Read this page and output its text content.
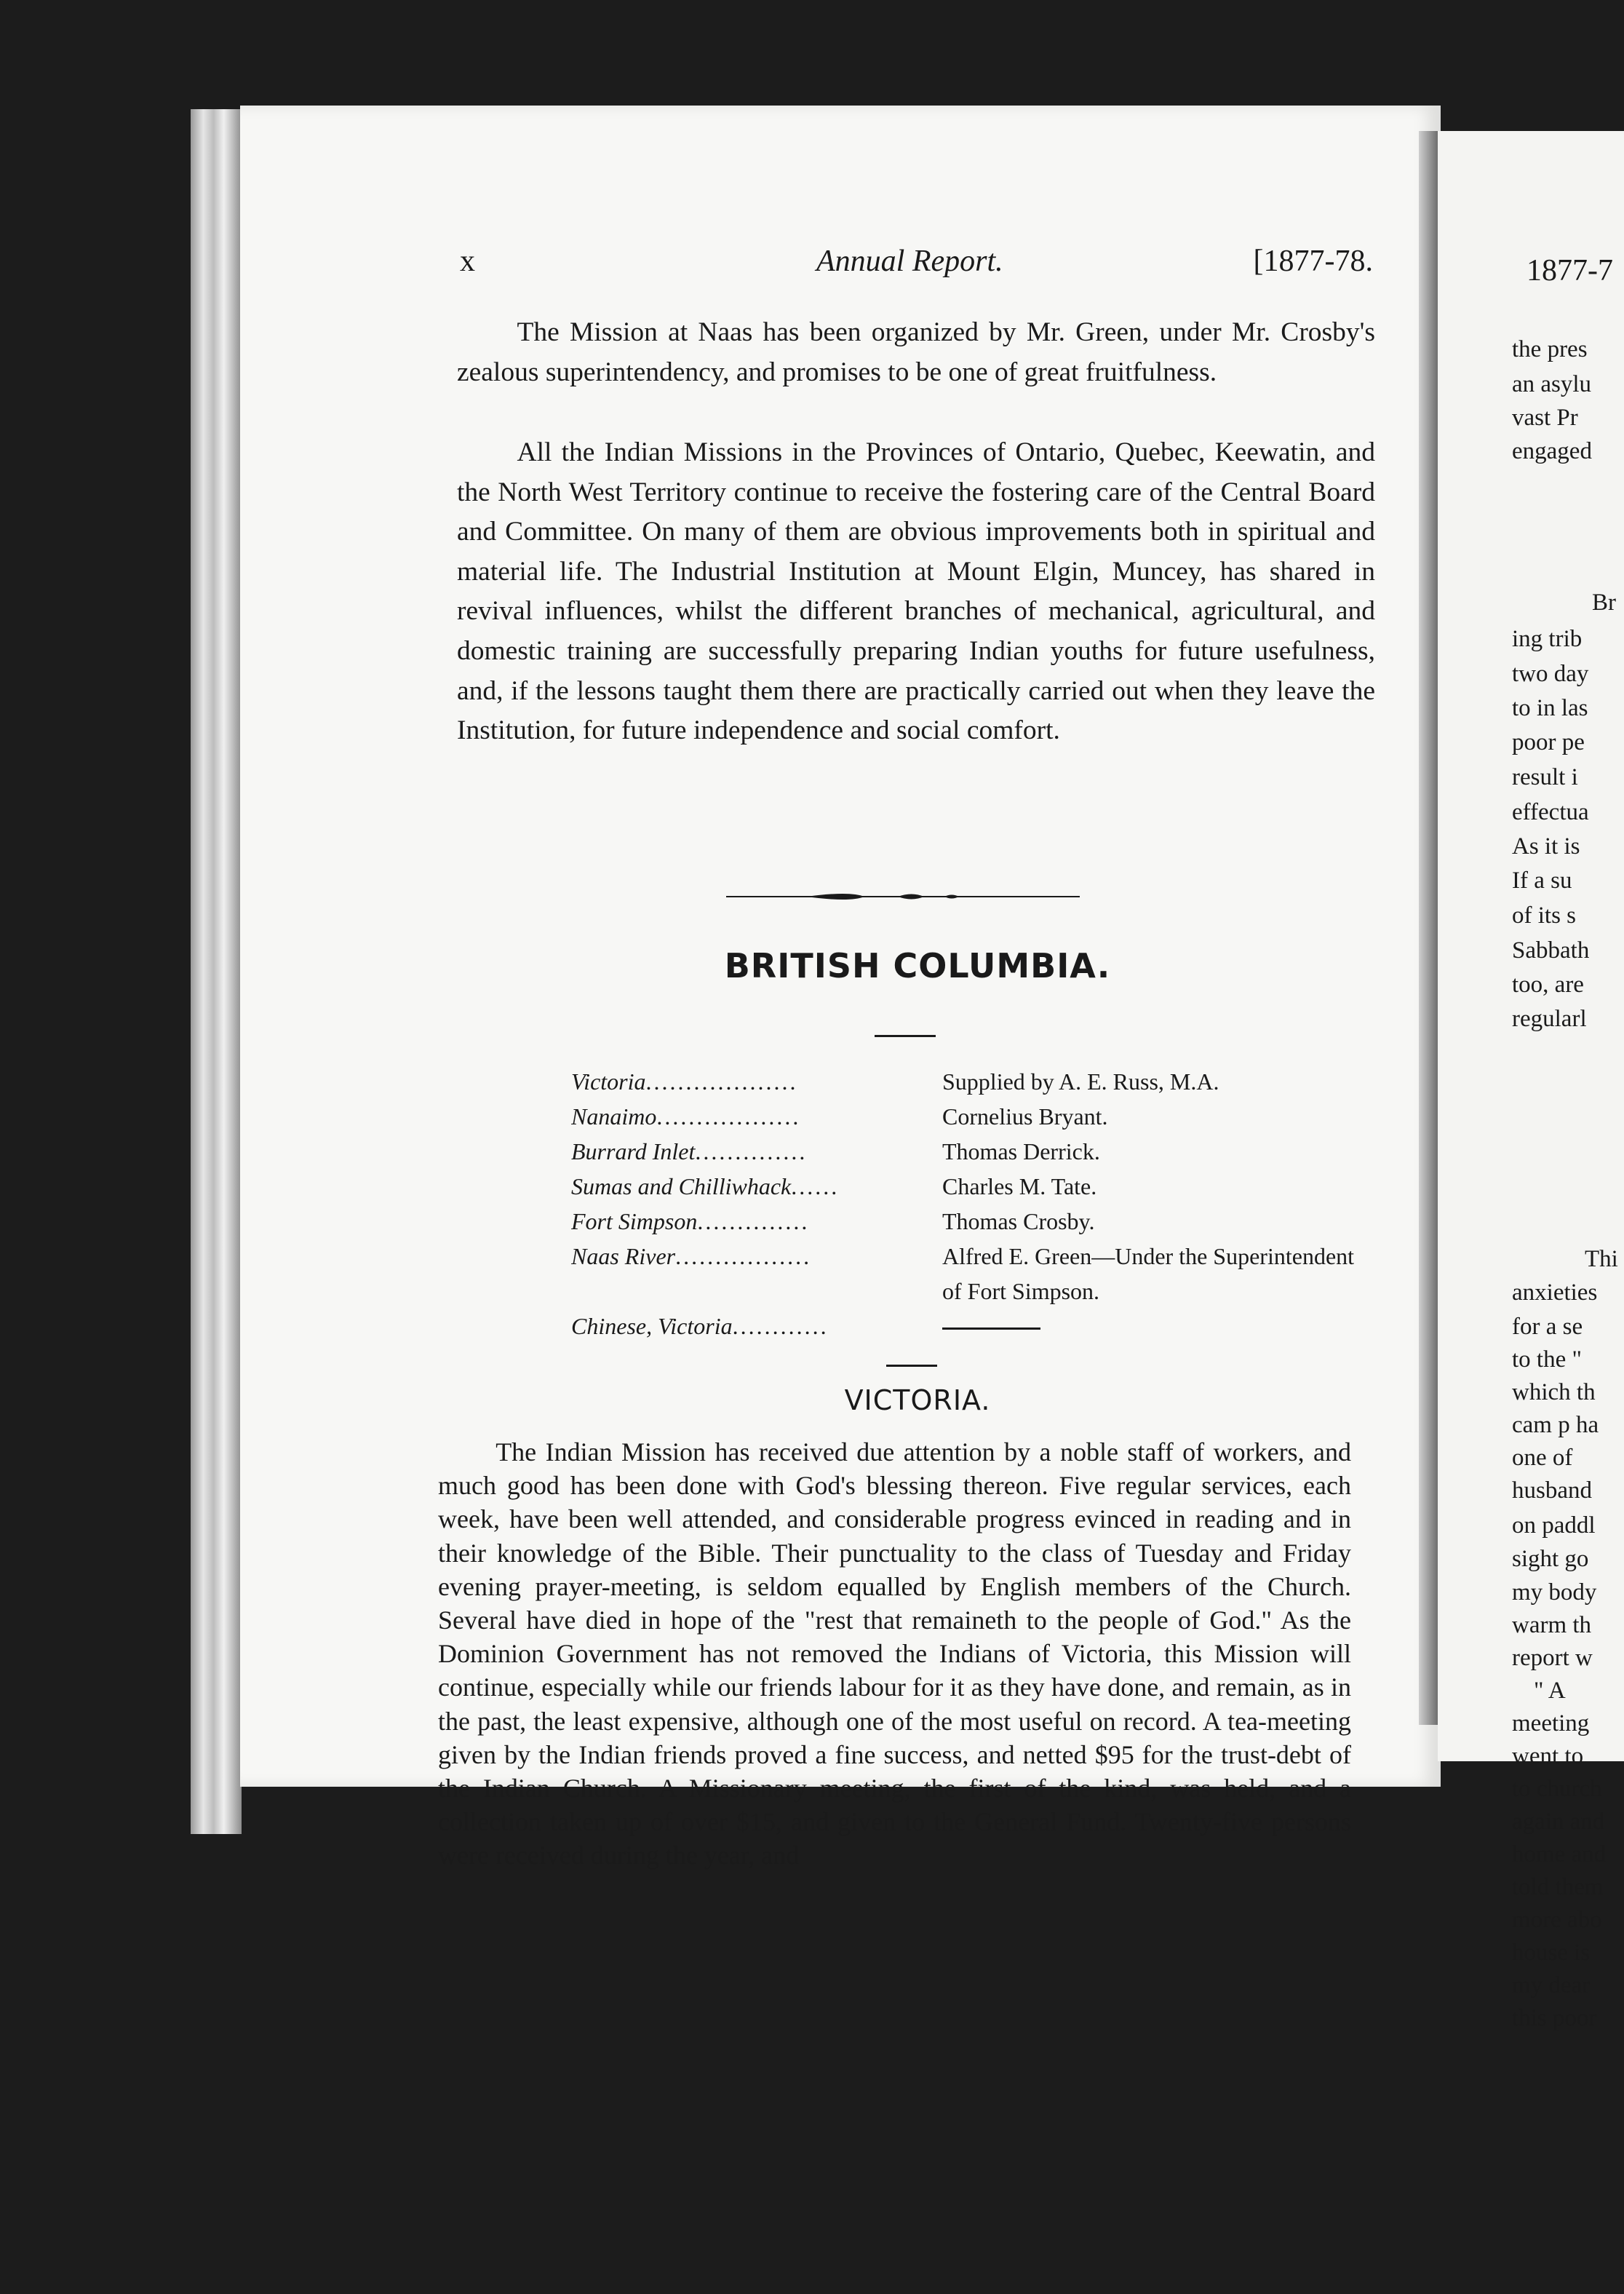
x	Annual Report.	[1877-78.

The Mission at Naas has been organized by Mr. Green, under Mr. Crosby's zealous superintendency, and promises to be one of great fruitfulness.

All the Indian Missions in the Provinces of Ontario, Quebec, Keewatin, and the North West Territory continue to receive the fostering care of the Central Board and Committee. On many of them are obvious improvements both in spiritual and material life. The Industrial Institution at Mount Elgin, Muncey, has shared in revival influences, whilst the different branches of mechanical, agricultural, and domestic training are successfully preparing Indian youths for future usefulness, and, if the lessons taught them there are practically carried out when they leave the Institution, for future independence and social comfort.

BRITISH COLUMBIA.
Victoria...................	Supplied by A. E. Russ, M.A.
Nanaimo..................	Cornelius Bryant.
Burrard Inlet..............	Thomas Derrick.
Sumas and Chilliwhack......	Charles M. Tate.
Fort Simpson..............	Thomas Crosby.
Naas River.................	Alfred E. Green—Under the Superintendent of Fort Simpson.
Chinese, Victoria............
VICTORIA.

The Indian Mission has received due attention by a noble staff of workers, and much good has been done with God's blessing thereon. Five regular services, each week, have been well attended, and considerable progress evinced in reading and in their knowledge of the Bible. Their punctuality to the class of Tuesday and Friday evening prayer-meeting, is seldom equalled by English members of the Church. Several have died in hope of the "rest that remaineth to the people of God." As the Dominion Government has not removed the Indians of Victoria, this Mission will continue, especially while our friends labour for it as they have done, and remain, as in the past, the least expensive, although one of the most useful on record. A tea-meeting given by the Indian friends proved a fine success, and netted $95 for the trust-debt of the Indian Church. A Missionary meeting, the first of the kind, was held, and a collection taken up of over $15, and given to the General Fund. Twenty-five persons were received during the year, and

1877-7
the pres
an asylu
vast Pr
engaged
Br
ing trib
two day
to in las
poor pe
result i
effectua
As it is
If a su
of its s
Sabbath
too, are
regularl
Thi
anxieties
for a se
to the "
which th
cam p ha
one of
husband
on paddl
sight go
my body
warm th
report w
" A
meeting
went to
to church
again and
home and
told them
more abo
house is
my dear
this poor
